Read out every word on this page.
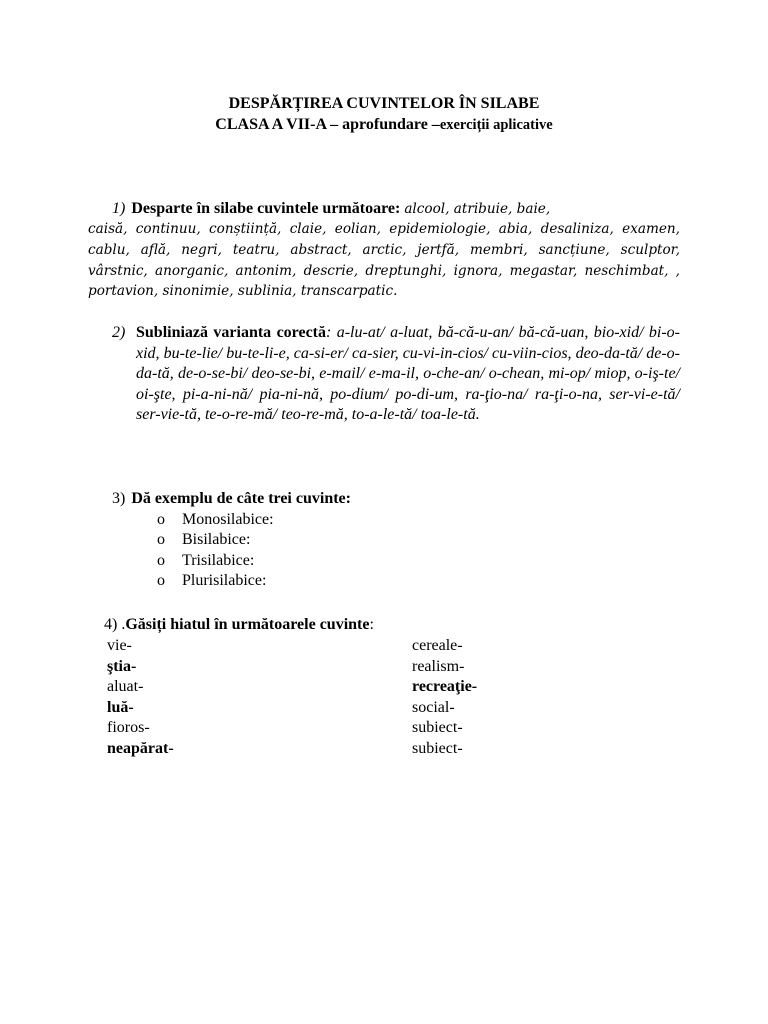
DESPĂRȚIREA CUVINTELOR ÎN SILABE
CLASA A VII-A – aprofundare –exerciții aplicative
1) Desparte în silabe cuvintele următoare: alcool, atribuie, baie,
caisă, continuu, conștiință, claie, eolian, epidemiologie, abia, desaliniza, examen, cablu, află, negri, teatru, abstract, arctic, jertfă, membri, sancțiune, sculptor, vârstnic, anorganic, antonim, descrie, dreptunghi, ignora, megastar, neschimbat, , portavion, sinonimie, sublinia, transcarpatic.
2) Subliniază varianta corectă: a-lu-at/ a-luat, bă-că-u-an/ bă-că-uan, bio-xid/ bi-o-xid, bu-te-lie/ bu-te-li-e, ca-si-er/ ca-sier, cu-vi-in-cios/ cu-viin-cios, deo-da-tă/ de-o-da-tă, de-o-se-bi/ deo-se-bi, e-mail/ e-ma-il, o-che-an/ o-chean, mi-op/ miop, o-iş-te/ oi-şte, pi-a-ni-nă/ pia-ni-nă, po-dium/ po-di-um, ra-ţio-na/ ra-ţi-o-na, ser-vi-e-tă/ ser-vie-tă, te-o-re-mă/ teo-re-mă, to-a-le-tă/ toa-le-tă.
3) Dă exemplu de câte trei cuvinte:
o Monosilabice:
o Bisilabice:
o Trisilabice:
o Plurisilabice:
4) .Găsiți hiatul în următoarele cuvinte:
vie-
ştia-
aluat-
luă-
fioros-
neapărat-
cereale-
realism-
recreaţie-
social-
subiect-
subiect-
